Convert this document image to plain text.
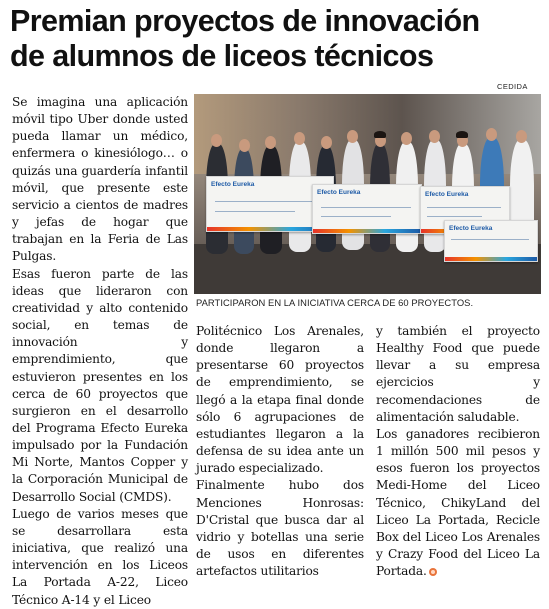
Premian proyectos de innovación
de alumnos de liceos técnicos

Se imagina una aplicación móvil tipo Uber donde usted pueda llamar un médico, enfermera o kinesiólogo… o quizás una guardería infantil móvil, que presente este servicio a cientos de madres y jefas de hogar que trabajan en la Feria de Las Pulgas.

Esas fueron parte de las ideas que lideraron con creatividad y alto contenido social, en temas de innovación y emprendimiento, que estuvieron presentes en los cerca de 60 proyectos que surgieron en el desarrollo del Programa Efecto Eureka impulsado por la Fundación Mi Norte, Mantos Copper y la Corporación Municipal de Desarrollo Social (CMDS).

Luego de varios meses que se desarrollara esta iniciativa, que realizó una intervención en los Liceos La Portada A-22, Liceo Técnico A-14 y el Liceo

CEDIDA
Efecto Eureka
Efecto Eureka	Efecto Eureka
Efecto Eureka
PARTICIPARON EN LA INICIATIVA CERCA DE 60 PROYECTOS.

Politécnico Los Arenales, donde llegaron a presentarse 60 proyectos de emprendimiento, se llegó a la etapa final donde sólo 6 agrupaciones de estudiantes llegaron a la defensa de su idea ante un jurado especializado.

Finalmente hubo dos Menciones Honrosas: D'Cristal que busca dar al vidrio y botellas una serie de usos en diferentes artefactos utilitarios

y también el proyecto Healthy Food que puede llevar a su empresa ejercicios y recomendaciones de alimentación saludable.

Los ganadores recibieron 1 millón 500 mil pesos y esos fueron los proyectos Medi-Home del Liceo Técnico, ChikyLand del Liceo La Portada, Recicle Box del Liceo Los Arenales y Crazy Food del Liceo La Portada.
